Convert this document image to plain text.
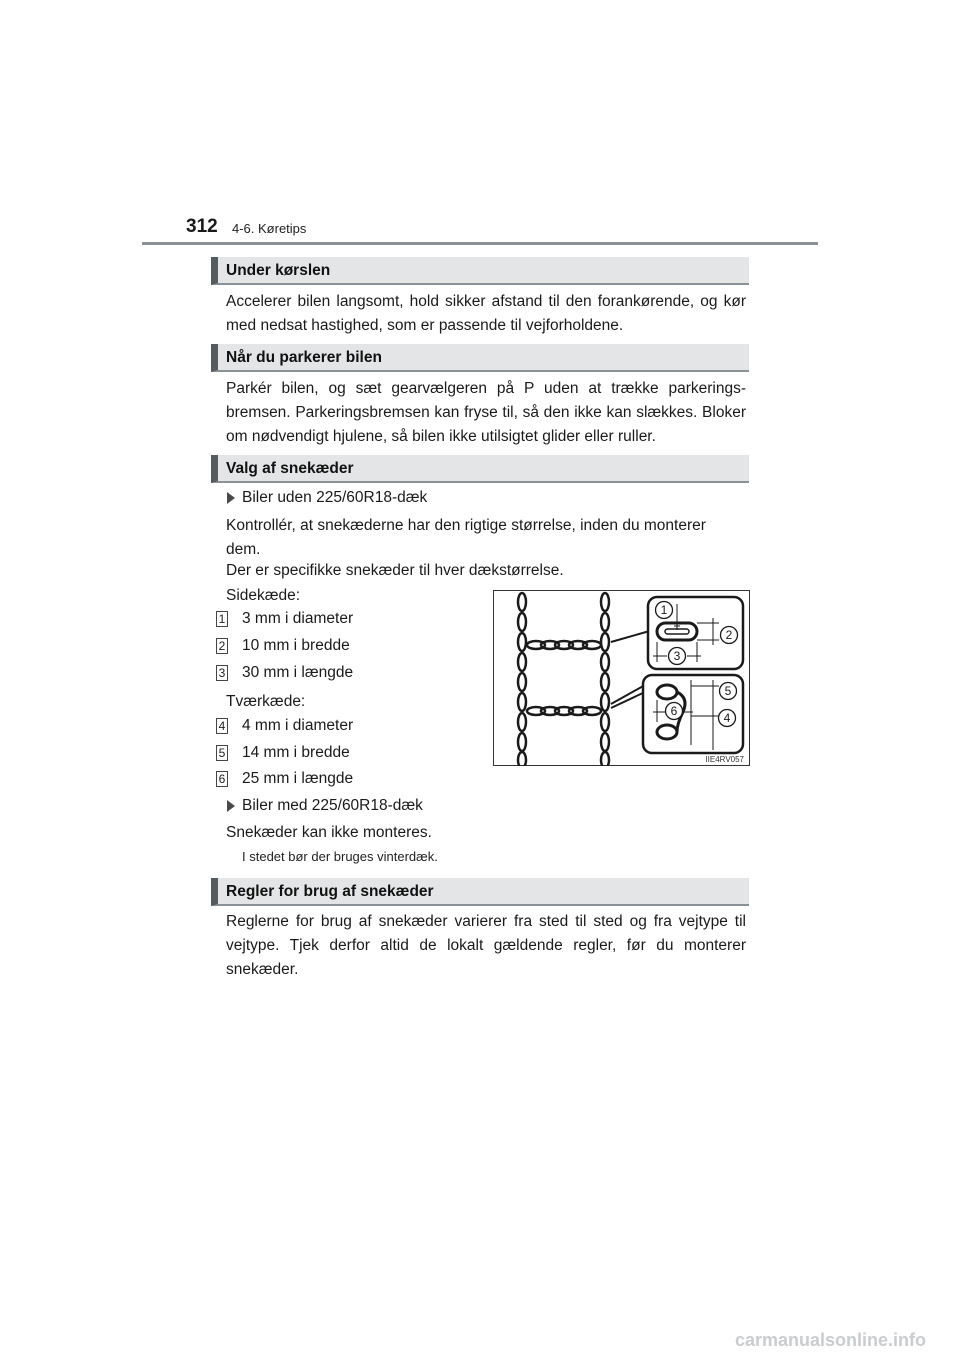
312 4-6. Køretips
Under kørslen
Accelerer bilen langsomt, hold sikker afstand til den forankørende, og kør med nedsat hastighed, som er passende til vejforholdene.
Når du parkerer bilen
Parkér bilen, og sæt gearvælgeren på P uden at trække parkerings-bremsen. Parkeringsbremsen kan fryse til, så den ikke kan slækkes. Bloker om nødvendigt hjulene, så bilen ikke utilsigtet glider eller ruller.
Valg af snekæder
Biler uden 225/60R18-dæk
Kontrollér, at snekæderne har den rigtige størrelse, inden du monterer
dem.
Der er specifikke snekæder til hver dækstørrelse.
Sidekæde:
1 3 mm i diameter
2 10 mm i bredde
3 30 mm i længde
Tværkæde:
4 4 mm i diameter
5 14 mm i bredde
6 25 mm i længde
Biler med 225/60R18-dæk
Snekæder kan ikke monteres.
I stedet bør der bruges vinterdæk.
1
2
3
4
5
6
IIE4RV057
Regler for brug af snekæder
Reglerne for brug af snekæder varierer fra sted til sted og fra vejtype til vejtype. Tjek derfor altid de lokalt gældende regler, før du monterer snekæder.
carmanualsonline.info
